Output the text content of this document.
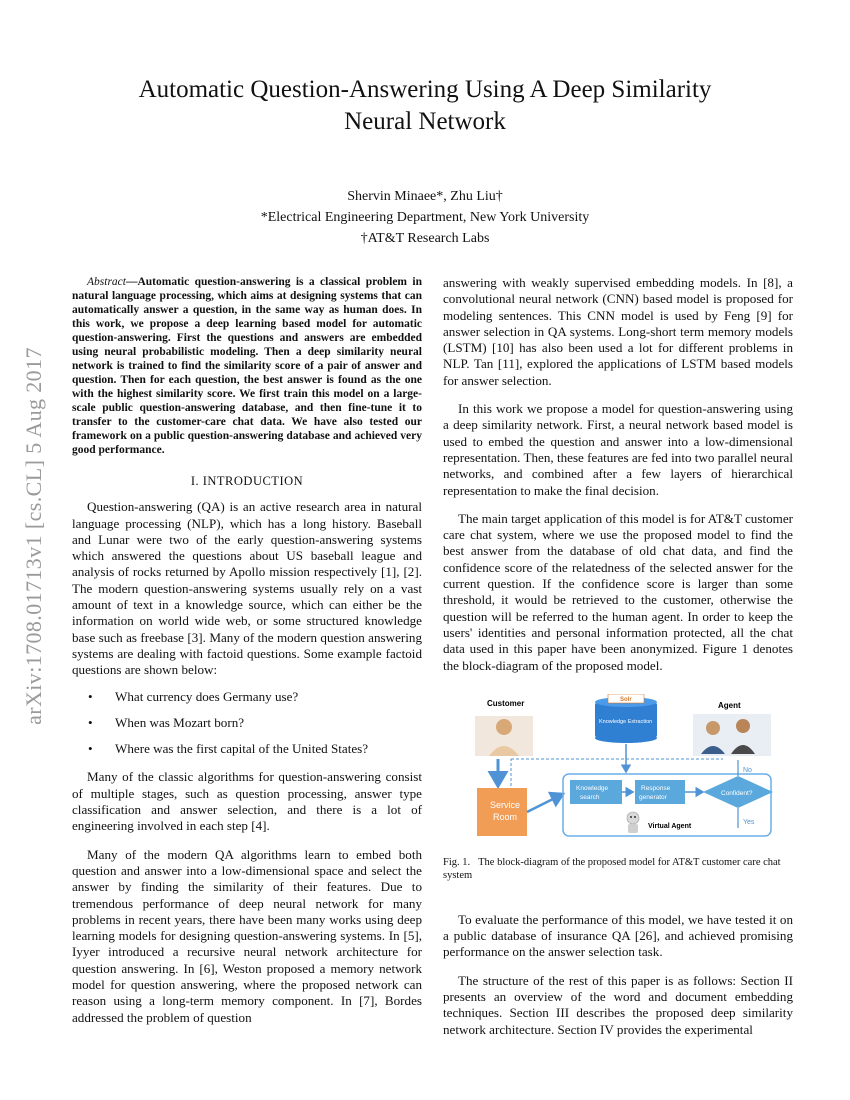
arXiv:1708.01713v1 [cs.CL] 5 Aug 2017
Automatic Question-Answering Using A Deep Similarity
Neural Network
Shervin Minaee*, Zhu Liu†
*Electrical Engineering Department, New York University
†AT&T Research Labs

Abstract—Automatic question-answering is a classical problem in natural language processing, which aims at designing systems that can automatically answer a question, in the same way as human does. In this work, we propose a deep learning based model for automatic question-answering. First the questions and answers are embedded using neural probabilistic modeling. Then a deep similarity neural network is trained to find the similarity score of a pair of answer and question. Then for each question, the best answer is found as the one with the highest similarity score. We first train this model on a large-scale public question-answering database, and then fine-tune it to transfer to the customer-care chat data. We have also tested our framework on a public question-answering database and achieved very good performance.

I. INTRODUCTION

Question-answering (QA) is an active research area in natural language processing (NLP), which has a long history. Baseball and Lunar were two of the early question-answering systems which answered the questions about US baseball league and analysis of rocks returned by Apollo mission respectively [1], [2]. The modern question-answering systems usually rely on a vast amount of text in a knowledge source, which can either be the information on world wide web, or some structured knowledge base such as freebase [3]. Many of the modern question answering systems are dealing with factoid questions. Some example factoid questions are shown below:

• What currency does Germany use?
• When was Mozart born?
• Where was the first capital of the United States?

Many of the classic algorithms for question-answering consist of multiple stages, such as question processing, answer type classification and answer selection, and there is a lot of engineering involved in each step [4].

Many of the modern QA algorithms learn to embed both question and answer into a low-dimensional space and select the answer by finding the similarity of their features. Due to tremendous performance of deep neural network for many problems in recent years, there have been many works using deep learning models for designing question-answering systems. In [5], Iyyer introduced a recursive neural network architecture for question answering. In [6], Weston proposed a memory network model for question answering, where the proposed network can reason using a long-term memory component. In [7], Bordes addressed the problem of question

answering with weakly supervised embedding models. In [8], a convolutional neural network (CNN) based model is proposed for modeling sentences. This CNN model is used by Feng [9] for answer selection in QA systems. Long-short term memory models (LSTM) [10] has also been used a lot for different problems in NLP. Tan [11], explored the applications of LSTM based models for answer selection.

In this work we propose a model for question-answering using a deep similarity network. First, a neural network based model is used to embed the question and answer into a low-dimensional representation. Then, these features are fed into two parallel neural networks, and combined after a few layers of hierarchical representation to make the final decision.

The main target application of this model is for AT&T customer care chat system, where we use the proposed model to find the best answer from the database of old chat data, and find the confidence score of the relatedness of the selected answer for the current question. If the confidence score is larger than some threshold, it would be retrieved to the customer, otherwise the question will be referred to the human agent. In order to keep the users' identities and personal information protected, all the chat data used in this paper have been anonymized. Figure 1 denotes the block-diagram of the proposed model.

Customer	Solr
Knowledge Extraction
Agent
Service
Room
Knowledge
search
Response
generator
Confident?
No
Yes
Virtual Agent

Fig. 1. The block-diagram of the proposed model for AT&T customer care chat system

To evaluate the performance of this model, we have tested it on a public database of insurance QA [26], and achieved promising performance on the answer selection task.

The structure of the rest of this paper is as follows: Section II presents an overview of the word and document embedding techniques. Section III describes the proposed deep similarity network architecture. Section IV provides the experimental
